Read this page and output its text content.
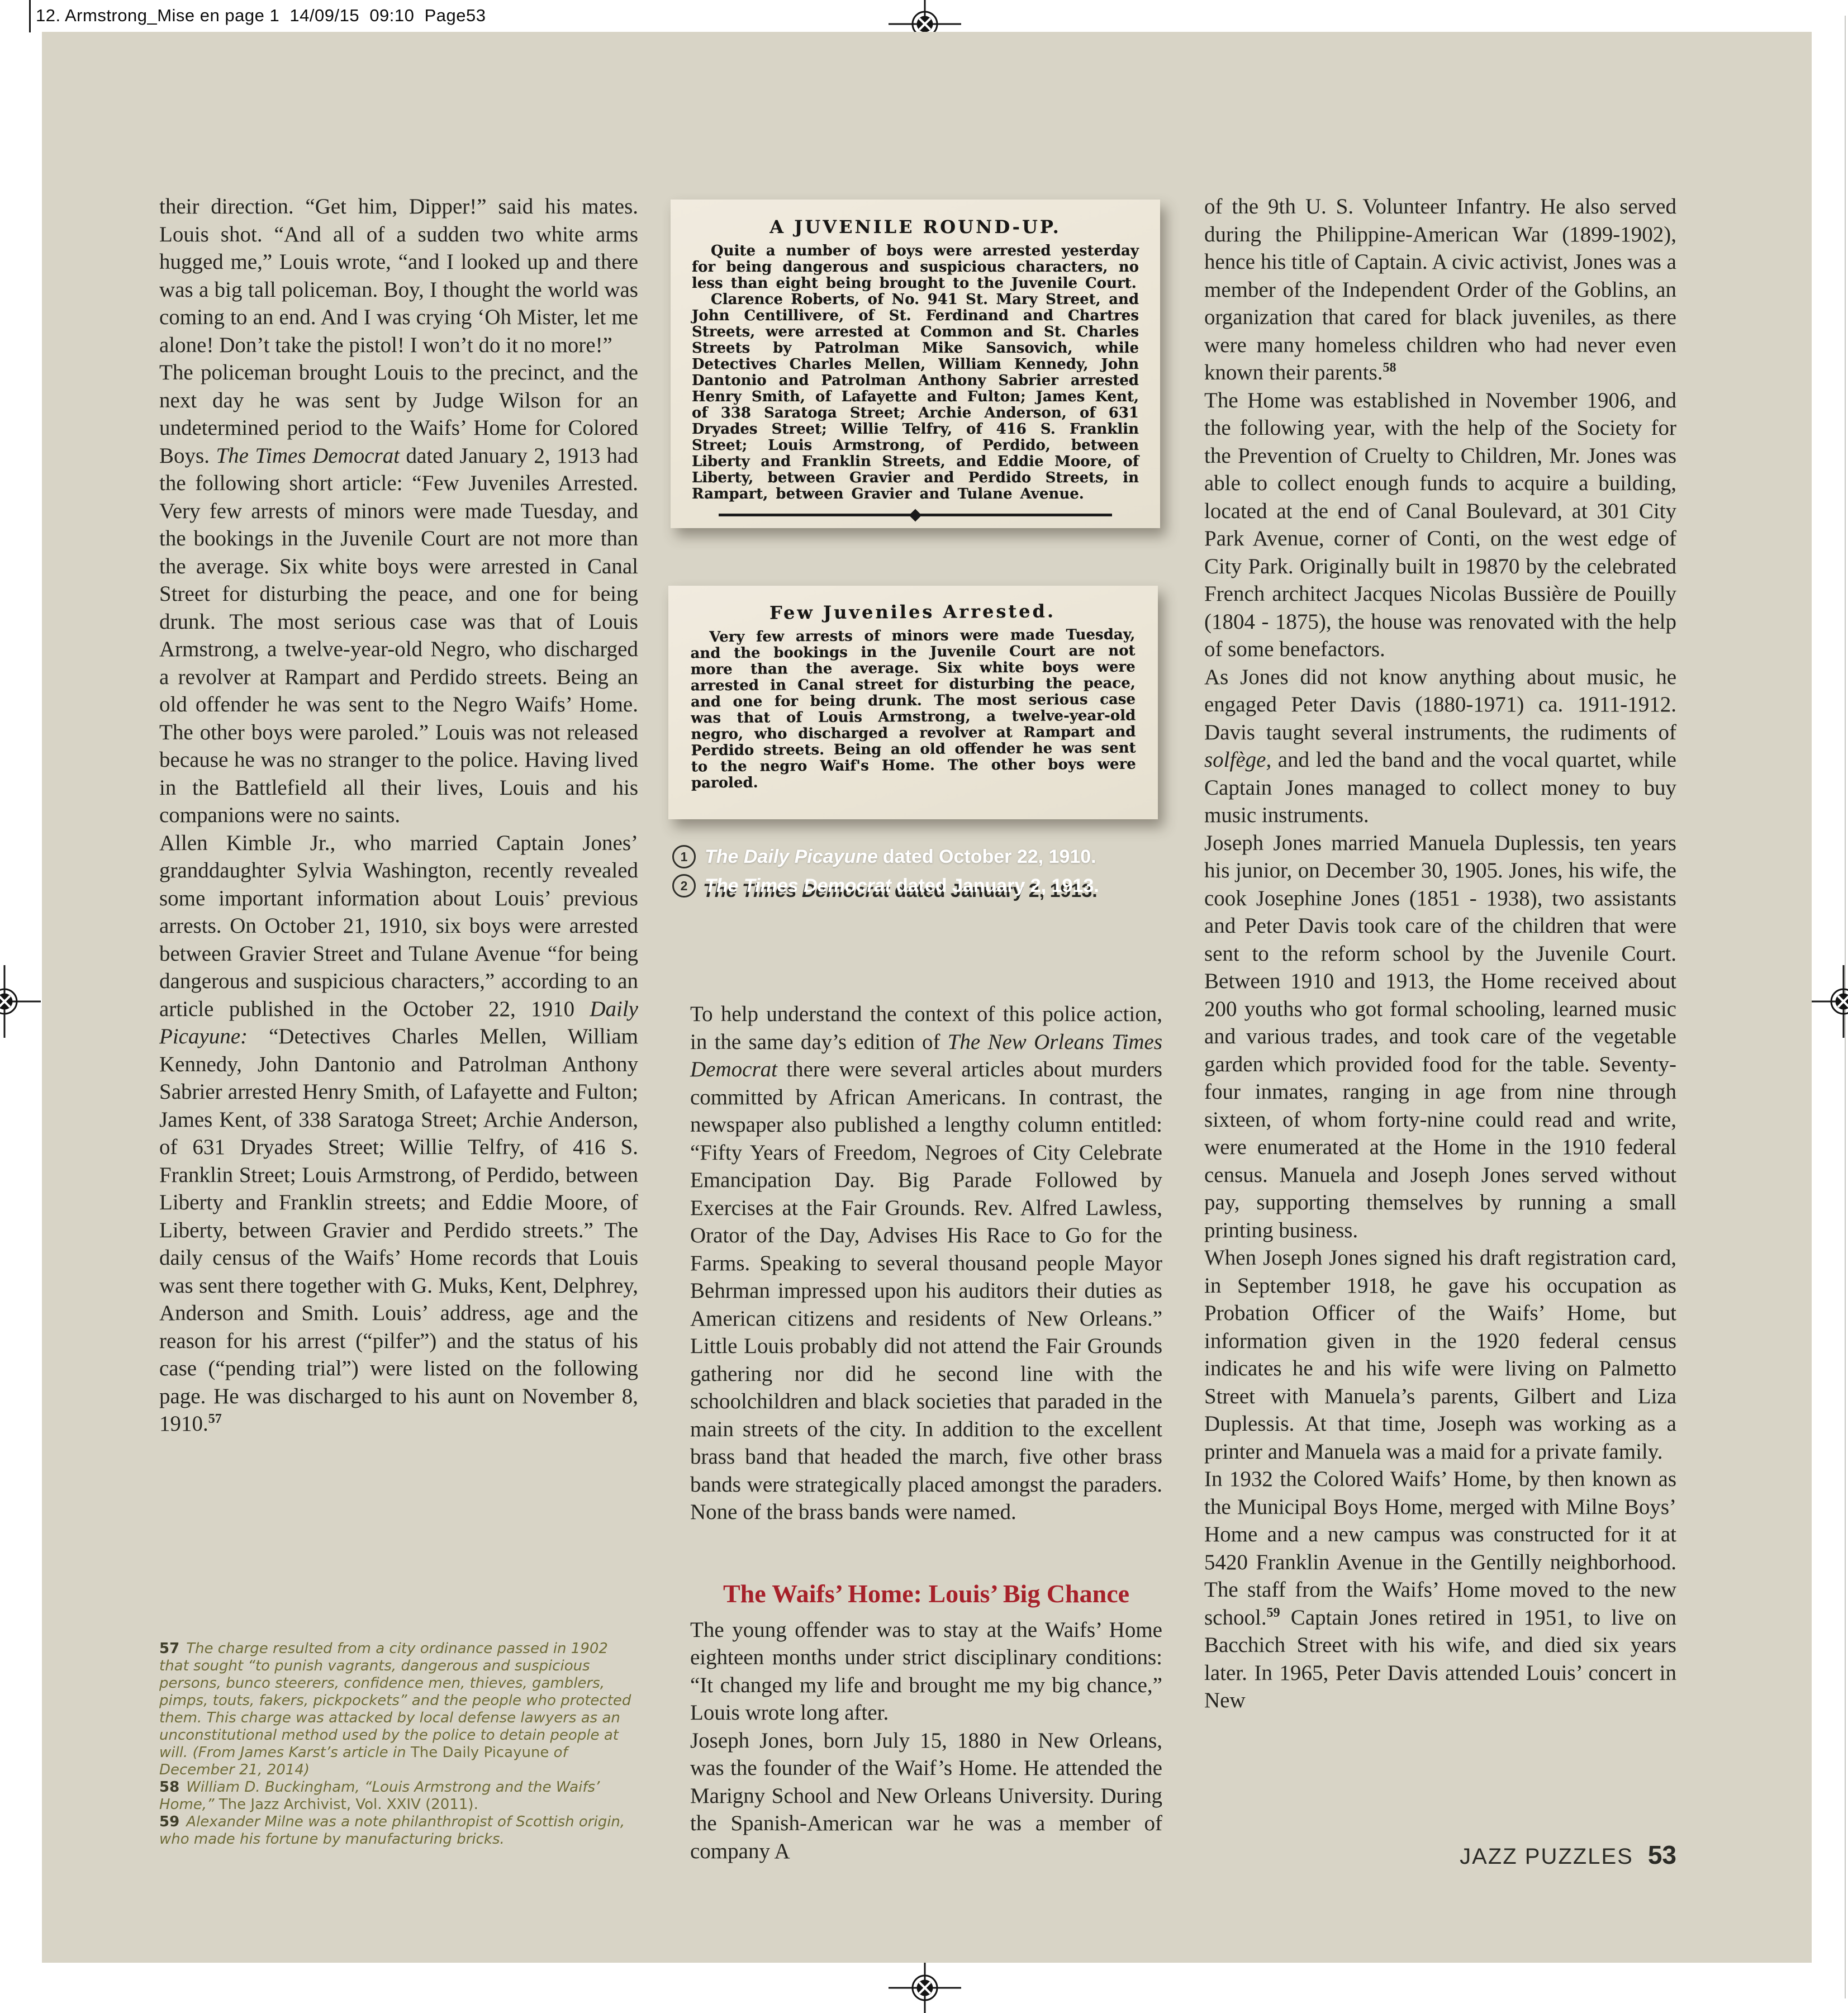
12. Armstrong_Mise en page 1  14/09/15  09:10  Page53

their direction. “Get him, Dipper!” said his mates. Louis shot. “And all of a sudden two white arms hugged me,” Louis wrote, “and I looked up and there was a big tall policeman. Boy, I thought the world was coming to an end. And I was crying ‘Oh Mister, let me alone! Don’t take the pistol! I won’t do it no more!”

The policeman brought Louis to the precinct, and the next day he was sent by Judge Wilson for an undetermined period to the Waifs’ Home for Colored Boys. The Times Democrat dated January 2, 1913 had the following short article: “Few Juveniles Arrested. Very few arrests of minors were made Tuesday, and the bookings in the Juvenile Court are not more than the average. Six white boys were arrested in Canal Street for disturbing the peace, and one for being drunk. The most serious case was that of Louis Armstrong, a twelve-year-old Negro, who discharged a revolver at Rampart and Perdido streets. Being an old offender he was sent to the Negro Waifs’ Home. The other boys were paroled.” Louis was not released because he was no stranger to the police. Having lived in the Battlefield all their lives, Louis and his companions were no saints.

Allen Kimble Jr., who married Captain Jones’ granddaughter Sylvia Washington, recently revealed some important information about Louis’ previous arrests. On October 21, 1910, six boys were arrested between Gravier Street and Tulane Avenue “for being dangerous and suspicious characters,” according to an article published in the October 22, 1910 Daily Picayune: “Detectives Charles Mellen, William Kennedy, John Dantonio and Patrolman Anthony Sabrier arrested Henry Smith, of Lafayette and Fulton; James Kent, of 338 Saratoga Street; Archie Anderson, of 631 Dryades Street; Willie Telfry, of 416 S. Franklin Street; Louis Armstrong, of Perdido, between Liberty and Franklin streets; and Eddie Moore, of Liberty, between Gravier and Perdido streets.” The daily census of the Waifs’ Home records that Louis was sent there together with G. Muks, Kent, Delphrey, Anderson and Smith. Louis’ address, age and the reason for his arrest (“pilfer”) and the status of his case (“pending trial”) were listed on the following page. He was discharged to his aunt on November 8, 1910.57

A JUVENILE ROUND-UP.

Quite a number of boys were arrested yesterday for being dangerous and suspicious characters, no less than eight being brought to the Juvenile Court.

Clarence Roberts, of No. 941 St. Mary Street, and John Centillivere, of St. Ferdinand and Chartres Streets, were arrested at Common and St. Charles Streets by Patrolman Mike Sansovich, while Detectives Charles Mellen, William Kennedy, John Dantonio and Patrolman Anthony Sabrier arrested Henry Smith, of Lafayette and Fulton; James Kent, of 338 Saratoga Street; Archie Anderson, of 631 Dryades Street; Willie Telfry, of 416 S. Franklin Street; Louis Armstrong, of Perdido, between Liberty and Franklin Streets, and Eddie Moore, of Liberty, between Gravier and Perdido Streets, in Rampart, between Gravier and Tulane Avenue.

Few Juveniles Arrested.

Very few arrests of minors were made Tuesday, and the bookings in the Juvenile Court are not more than the average. Six white boys were arrested in Canal street for disturbing the peace, and one for being drunk. The most serious case was that of Louis Armstrong, a twelve-year-old negro, who discharged a revolver at Rampart and Perdido streets. Being an old offender he was sent to the negro Waif's Home. The other boys were paroled.

1 The Daily Picayune dated October 22, 1910.
2 The Times Democrat dated January 2, 1913.

To help understand the context of this police action, in the same day’s edition of The New Orleans Times Democrat there were several articles about murders committed by African Americans. In contrast, the newspaper also published a lengthy column entitled: “Fifty Years of Freedom, Negroes of City Celebrate Emancipation Day. Big Parade Followed by Exercises at the Fair Grounds. Rev. Alfred Lawless, Orator of the Day, Advises His Race to Go for the Farms. Speaking to several thousand people Mayor Behrman impressed upon his auditors their duties as American citizens and residents of New Orleans.” Little Louis probably did not attend the Fair Grounds gathering nor did he second line with the schoolchildren and black societies that paraded in the main streets of the city. In addition to the excellent brass band that headed the march, five other brass bands were strategically placed amongst the paraders. None of the brass bands were named.

The Waifs’ Home: Louis’ Big Chance

The young offender was to stay at the Waifs’ Home eighteen months under strict disciplinary conditions: “It changed my life and brought me my big chance,” Louis wrote long after.

Joseph Jones, born July 15, 1880 in New Orleans, was the founder of the Waif’s Home. He attended the Marigny School and New Orleans University. During the Spanish-American war he was a member of company A

of the 9th U. S. Volunteer Infantry. He also served during the Philippine-American War (1899-1902), hence his title of Captain. A civic activist, Jones was a member of the Independent Order of the Goblins, an organization that cared for black juveniles, as there were many homeless children who had never even known their parents.$^{58}$

The Home was established in November 1906, and the following year, with the help of the Society for the Prevention of Cruelty to Children, Mr. Jones was able to collect enough funds to acquire a building, located at the end of Canal Boulevard, at 301 City Park Avenue, corner of Conti, on the west edge of City Park. Originally built in 19870 by the celebrated French architect Jacques Nicolas Bussière de Pouilly (1804 - 1875), the house was renovated with the help of some benefactors.

As Jones did not know anything about music, he engaged Peter Davis (1880-1971) ca. 1911-1912. Davis taught several instruments, the rudiments of solfège, and led the band and the vocal quartet, while Captain Jones managed to collect money to buy music instruments.

Joseph Jones married Manuela Duplessis, ten years his junior, on December 30, 1905. Jones, his wife, the cook Josephine Jones (1851 - 1938), two assistants and Peter Davis took care of the children that were sent to the reform school by the Juvenile Court. Between 1910 and 1913, the Home received about 200 youths who got formal schooling, learned music and various trades, and took care of the vegetable garden which provided food for the table. Seventy-four inmates, ranging in age from nine through sixteen, of whom forty-nine could read and write, were enumerated at the Home in the 1910 federal census. Manuela and Joseph Jones served without pay, supporting themselves by running a small printing business.

When Joseph Jones signed his draft registration card, in September 1918, he gave his occupation as Probation Officer of the Waifs’ Home, but information given in the 1920 federal census indicates he and his wife were living on Palmetto Street with Manuela’s parents, Gilbert and Liza Duplessis. At that time, Joseph was working as a printer and Manuela was a maid for a private family.

In 1932 the Colored Waifs’ Home, by then known as the Municipal Boys Home, merged with Milne Boys’ Home and a new campus was constructed for it at 5420 Franklin Avenue in the Gentilly neighborhood. The staff from the Waifs’ Home moved to the new school.$^{59}$ Captain Jones retired in 1951, to live on Bacchich Street with his wife, and died six years later. In 1965, Peter Davis attended Louis’ concert in New

57 The charge resulted from a city ordinance passed in 1902 that sought “to punish vagrants, dangerous and suspicious persons, bunco steerers, confidence men, thieves, gamblers, pimps, touts, fakers, pickpockets” and the people who protected them. This charge was attacked by local defense lawyers as an unconstitutional method used by the police to detain people at will. (From James Karst’s article in The Daily Picayune of December 21, 2014)

58 William D. Buckingham, “Louis Armstrong and the Waifs’ Home,” The Jazz Archivist, Vol. XXIV (2011).

59 Alexander Milne was a note philanthropist of Scottish origin, who made his fortune by manufacturing bricks.

JAZZ PUZZLES 53
